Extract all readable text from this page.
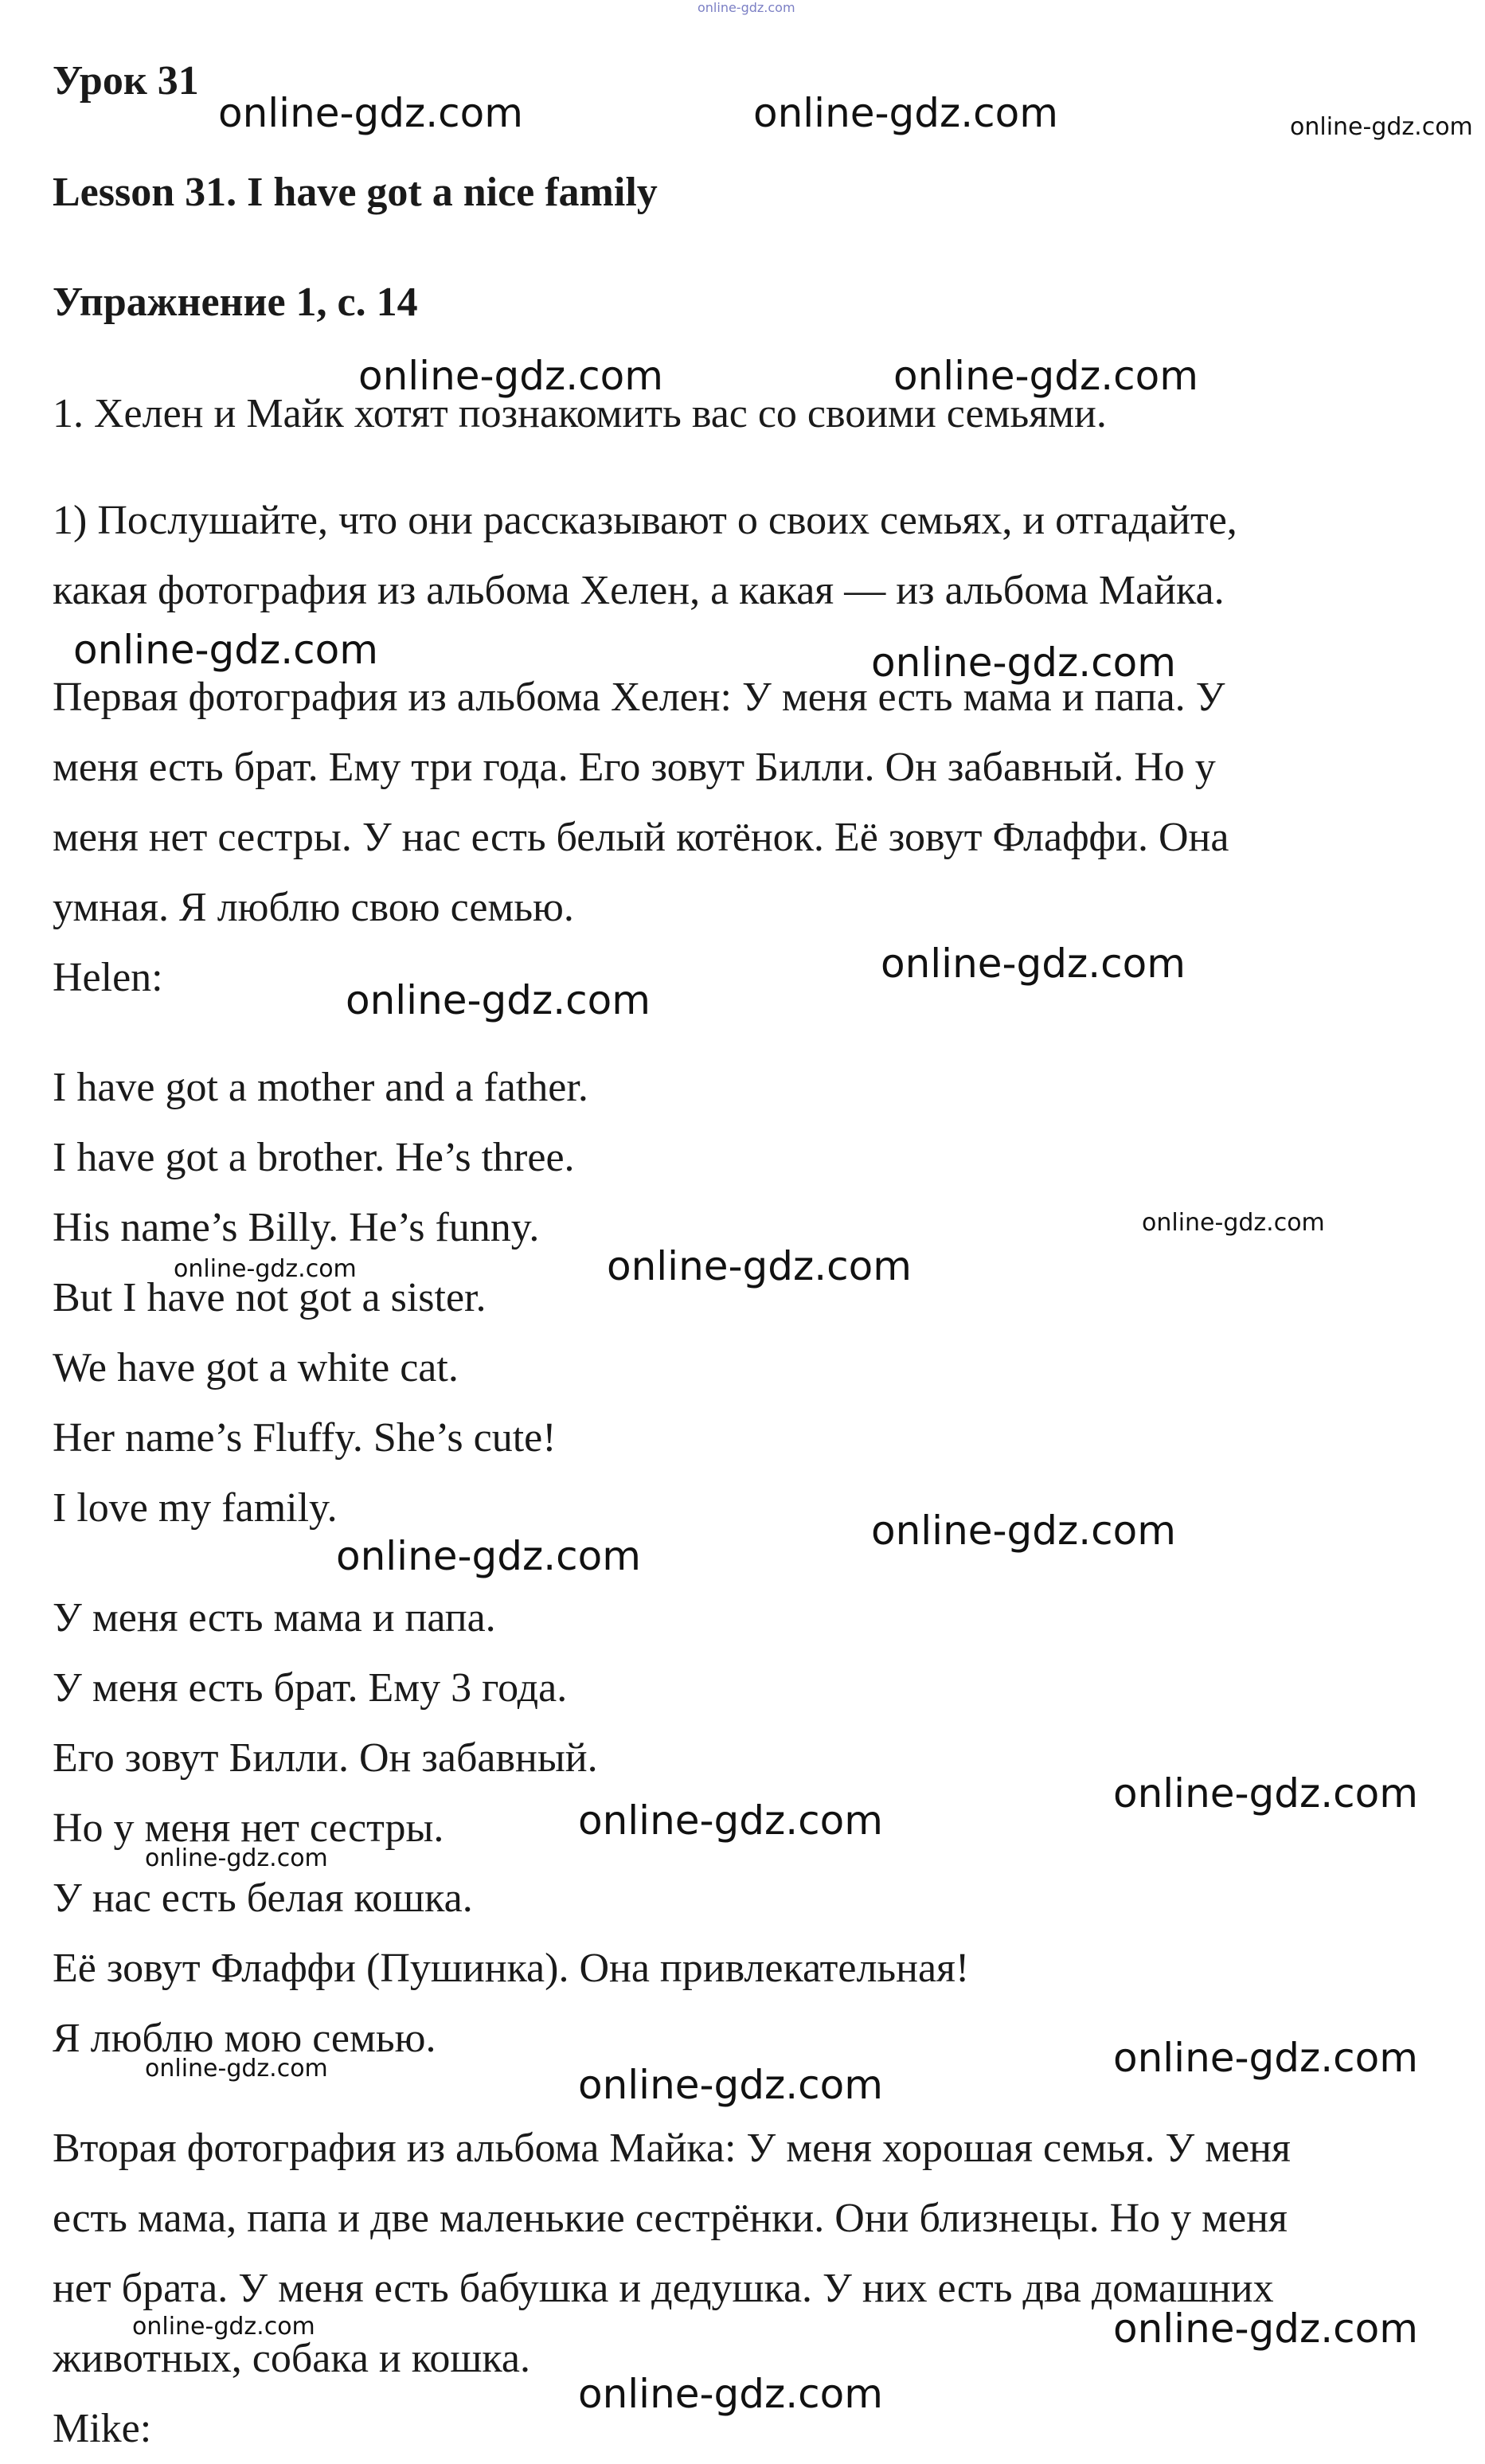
online-gdz.com

Урок 31

Lesson 31. I have got a nice family

Упражнение 1, с. 14

1. Хелен и Майк хотят познакомить вас со своими семьями.

1) Послушайте, что они рассказывают о своих семьях, и отгадайте,

какая фотография из альбома Хелен, а какая — из альбома Майка.

Первая фотография из альбома Хелен: У меня есть мама и папа. У

меня есть брат. Ему три года. Его зовут Билли. Он забавный. Но у

меня нет сестры. У нас есть белый котёнок. Её зовут Флаффи. Она

умная. Я люблю свою семью.

Helen:

I have got a mother and a father.

I have got a brother. He’s three.

His name’s Billy. He’s funny.

But I have not got a sister.

We have got a white cat.

Her name’s Fluffy. She’s cute!

I love my family.

У меня есть мама и папа.

У меня есть брат. Ему 3 года.

Его зовут Билли. Он забавный.

Но у меня нет сестры.

У нас есть белая кошка.

Её зовут Флаффи (Пушинка). Она привлекательная!

Я люблю мою семью.

Вторая фотография из альбома Майка: У меня хорошая семья. У меня

есть мама, папа и две маленькие сестрёнки. Они близнецы. Но у меня

нет брата. У меня есть бабушка и дедушка. У них есть два домашних

животных, собака и кошка.

Mike:

online-gdz.com	online-gdz.com	online-gdz.com

online-gdz.com	online-gdz.com

online-gdz.com	online-gdz.com

online-gdz.com

online-gdz.com

online-gdz.com

online-gdz.com

online-gdz.com

online-gdz.com

online-gdz.com

online-gdz.com

online-gdz.com

online-gdz.com

online-gdz.com	online-gdz.com

online-gdz.com

online-gdz.com	online-gdz.com

online-gdz.com
